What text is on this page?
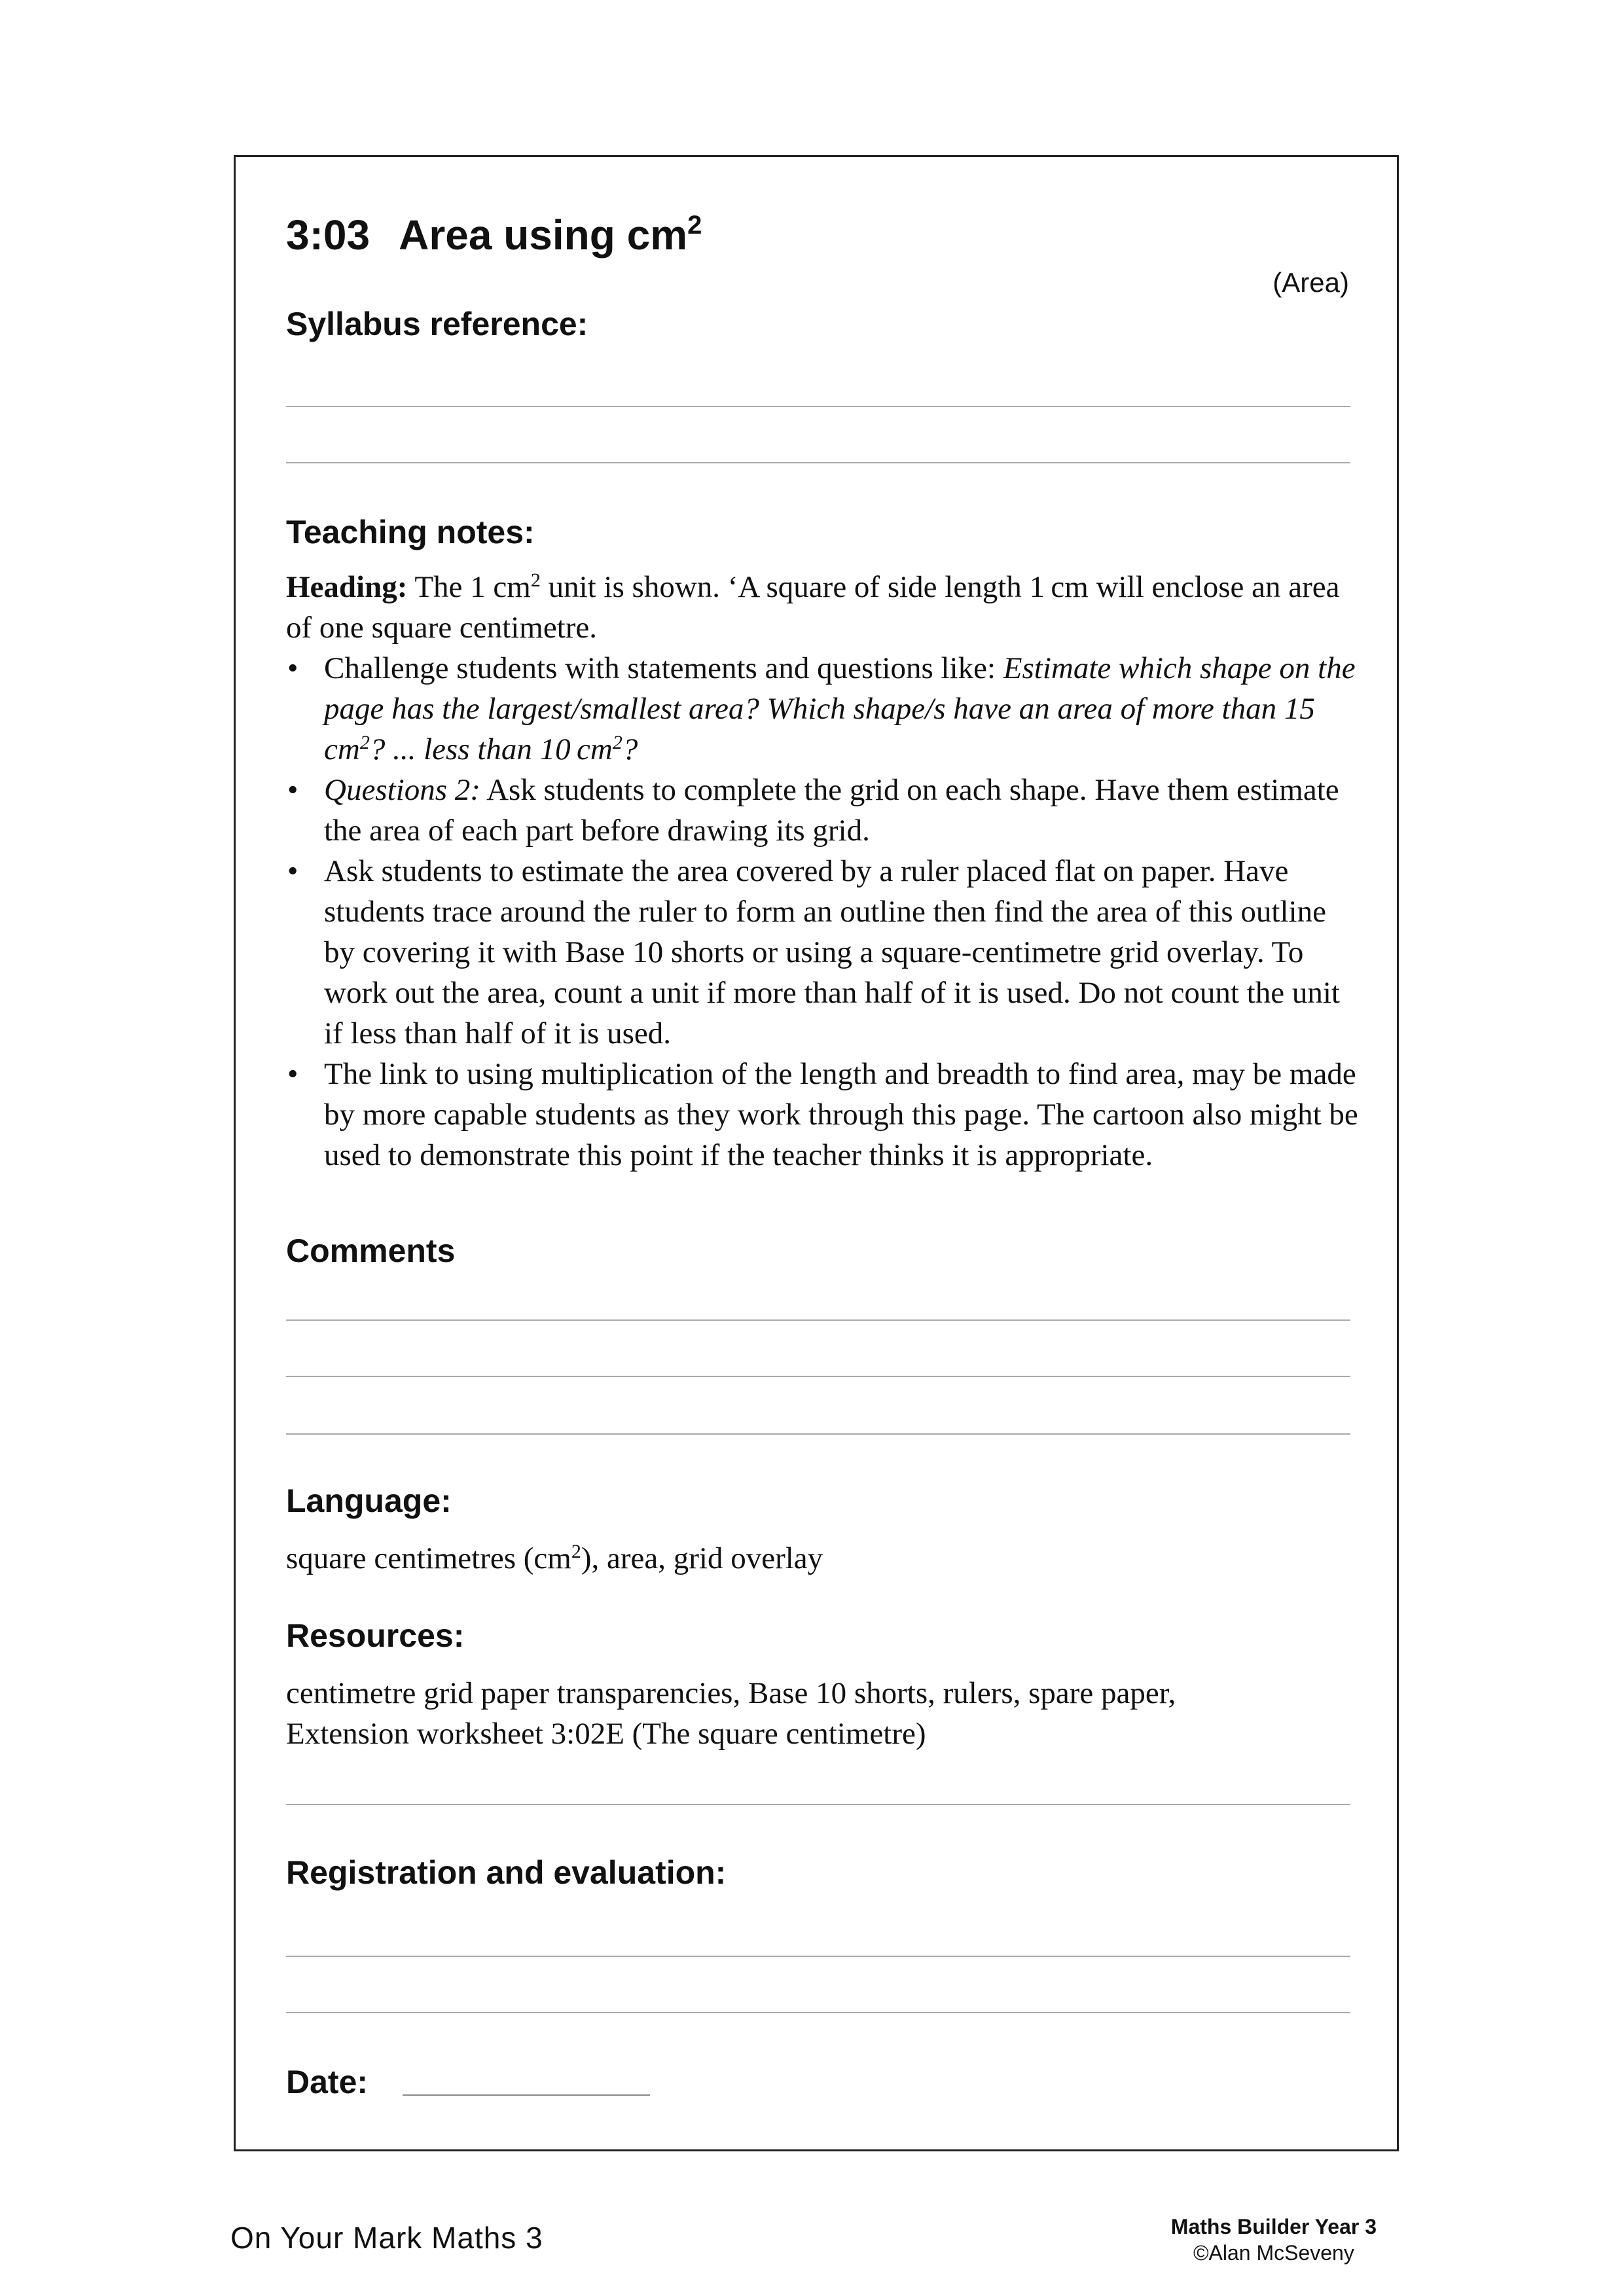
3:03 Area using $cm^2$
(Area)
Syllabus reference:
Teaching notes:

Heading: The 1 $cm^2$ unit is shown. ‘A square of side length 1 cm will enclose an area of one square centimetre.

• Challenge students with statements and questions like: Estimate which shape on the page has the largest/smallest area? Which shape/s have an area of more than 15 $cm^2$? ... less than 10 $cm^2$?
• Questions 2: Ask students to complete the grid on each shape. Have them estimate the area of each part before drawing its grid.
• Ask students to estimate the area covered by a ruler placed flat on paper. Have students trace around the ruler to form an outline then find the area of this outline by covering it with Base 10 shorts or using a square-centimetre grid overlay. To work out the area, count a unit if more than half of it is used. Do not count the unit if less than half of it is used.
• The link to using multiplication of the length and breadth to find area, may be made by more capable students as they work through this page. The cartoon also might be used to demonstrate this point if the teacher thinks it is appropriate.
Comments
Language:
square centimetres $(cm^2)$, area, grid overlay
Resources:
centimetre grid paper transparencies, Base 10 shorts, rulers, spare paper, Extension worksheet 3:02E (The square centimetre)
Registration and evaluation:
Date:
On Your Mark Maths 3	Maths Builder Year 3
©Alan McSeveny
